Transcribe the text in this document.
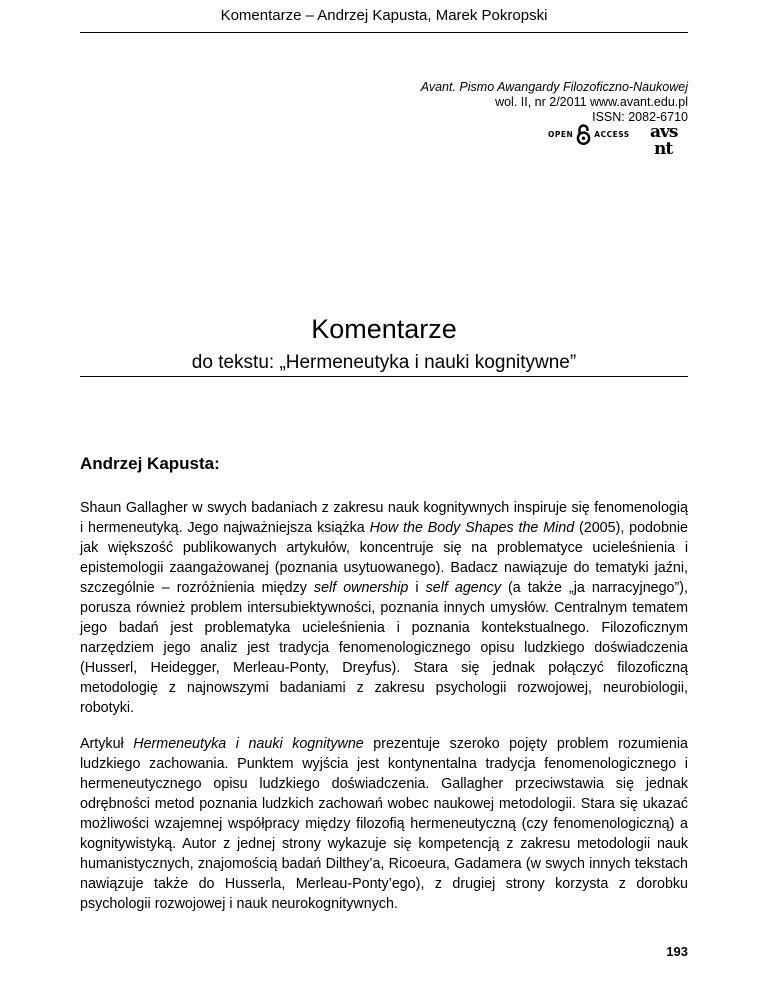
Komentarze – Andrzej Kapusta, Marek Pokropski
Avant. Pismo Awangardy Filozoficzno-Naukowej
wol. II, nr 2/2011 www.avant.edu.pl
ISSN: 2082-6710
OPEN	ACCESS avs
nt
Komentarze
do tekstu: „Hermeneutyka i nauki kognitywne”
Andrzej Kapusta:

Shaun Gallagher w swych badaniach z zakresu nauk kognitywnych inspiruje się fenomenologią i hermeneutyką. Jego najważniejsza książka How the Body Shapes the Mind (2005), podobnie jak większość publikowanych artykułów, koncentruje się na problematyce ucieleśnienia i epistemologii zaangażowanej (poznania usytuowanego). Badacz nawiązuje do tematyki jaźni, szczególnie – rozróżnienia między self ownership i self agency (a także „ja narracyjnego”), porusza również problem intersubiektywności, poznania innych umysłów. Centralnym tematem jego badań jest problematyka ucieleśnienia i poznania kontekstualnego. Filozoficznym narzędziem jego analiz jest tradycja fenomenologicznego opisu ludzkiego doświadczenia (Husserl, Heidegger, Merleau-Ponty, Dreyfus). Stara się jednak połączyć filozoficzną metodologię z najnowszymi badaniami z zakresu psychologii rozwojowej, neurobiologii, robotyki.

Artykuł Hermeneutyka i nauki kognitywne prezentuje szeroko pojęty problem rozumienia ludzkiego zachowania. Punktem wyjścia jest kontynentalna tradycja fenomenologicznego i hermeneutycznego opisu ludzkiego doświadczenia. Gallagher przeciwstawia się jednak odrębności metod poznania ludzkich zachowań wobec naukowej metodologii. Stara się ukazać możliwości wzajemnej współpracy między filozofią hermeneutyczną (czy fenomenologiczną) a kognitywistyką. Autor z jednej strony wykazuje się kompetencją z zakresu metodologii nauk humanistycznych, znajomością badań Dilthey’a, Ricoeura, Gadamera (w swych innych tekstach nawiązuje także do Husserla, Merleau-Ponty’ego), z drugiej strony korzysta z dorobku psychologii rozwojowej i nauk neurokognitywnych.

193
